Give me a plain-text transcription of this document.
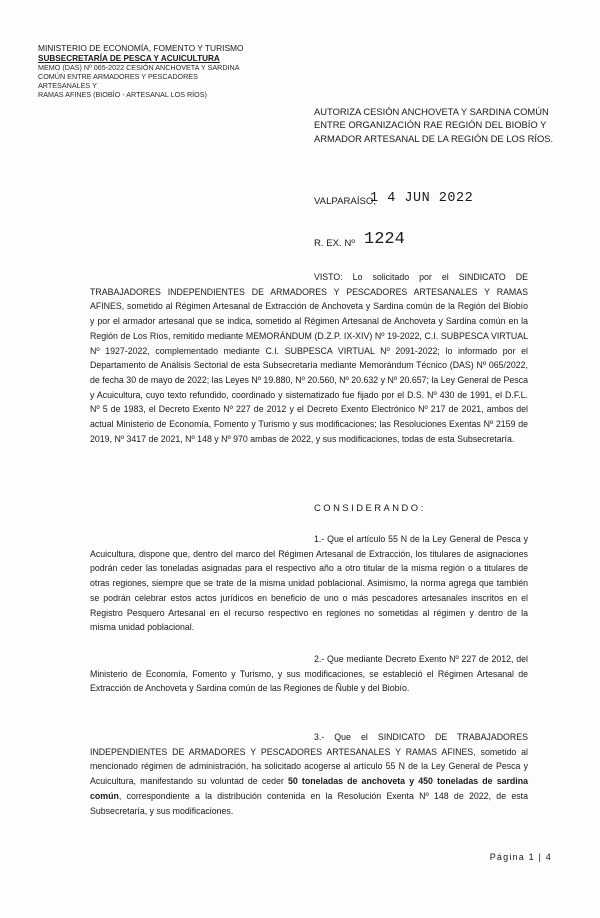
MINISTERIO DE ECONOMÍA, FOMENTO Y TURISMO
SUBSECRETARÍA DE PESCA Y ACUICULTURA
MEMO (DAS) Nº 065-2022 CESIÓN ANCHOVETA Y SARDINA
COMÚN ENTRE ARMADORES Y PESCADORES ARTESANALES Y
RAMAS AFINES (BIOBÍO - ARTESANAL LOS RÍOS)
AUTORIZA CESIÓN ANCHOVETA Y SARDINA COMÚN ENTRE ORGANIZACIÓN RAE REGIÓN DEL BIOBÍO Y ARMADOR ARTESANAL DE LA REGIÓN DE LOS RÍOS.
VALPARAÍSO,
1 4 JUN 2022
R. EX. Nº 1224
VISTO: Lo solicitado por el SINDICATO DE TRABAJADORES INDEPENDIENTES DE ARMADORES Y PESCADORES ARTESANALES Y RAMAS AFINES, sometido al Régimen Artesanal de Extracción de Anchoveta y Sardina común de la Región del Biobío y por el armador artesanal que se indica, sometido al Régimen Artesanal de Anchoveta y Sardina común en la Región de Los Ríos, remitido mediante MEMORÁNDUM (D.Z.P. IX-XIV) Nº 19-2022, C.I. SUBPESCA VIRTUAL Nº 1927-2022, complementado mediante C.I. SUBPESCA VIRTUAL Nº 2091-2022; lo informado por el Departamento de Análisis Sectorial de esta Subsecretaría mediante Memorándum Técnico (DAS) Nº 065/2022, de fecha 30 de mayo de 2022; las Leyes Nº 19.880, Nº 20.560, Nº 20.632 y Nº 20.657; la Ley General de Pesca y Acuicultura, cuyo texto refundido, coordinado y sistematizado fue fijado por el D.S. Nº 430 de 1991, el D.F.L. Nº 5 de 1983, el Decreto Exento Nº 227 de 2012 y el Decreto Exento Electrónico Nº 217 de 2021, ambos del actual Ministerio de Economía, Fomento y Turismo y sus modificaciones; las Resoluciones Exentas Nº 2159 de 2019, Nº 3417 de 2021, Nº 148 y Nº 970 ambas de 2022, y sus modificaciones, todas de esta Subsecretaría.
CONSIDERANDO:
1.- Que el artículo 55 N de la Ley General de Pesca y Acuicultura, dispone que, dentro del marco del Régimen Artesanal de Extracción, los titulares de asignaciones podrán ceder las toneladas asignadas para el respectivo año a otro titular de la misma región o a titulares de otras regiones, siempre que se trate de la misma unidad poblacional. Asimismo, la norma agrega que también se podrán celebrar estos actos jurídicos en beneficio de uno o más pescadores artesanales inscritos en el Registro Pesquero Artesanal en el recurso respectivo en regiones no sometidas al régimen y dentro de la misma unidad poblacional.
2.- Que mediante Decreto Exento Nº 227 de 2012, del Ministerio de Economía, Fomento y Turismo, y sus modificaciones, se estableció el Régimen Artesanal de Extracción de Anchoveta y Sardina común de las Regiones de Ñuble y del Biobío.
3.- Que el SINDICATO DE TRABAJADORES INDEPENDIENTES DE ARMADORES Y PESCADORES ARTESANALES Y RAMAS AFINES, sometido al mencionado régimen de administración, ha solicitado acogerse al artículo 55 N de la Ley General de Pesca y Acuicultura, manifestando su voluntad de ceder 50 toneladas de anchoveta y 450 toneladas de sardina común, correspondiente a la distribución contenida en la Resolución Exenta Nº 148 de 2022, de esta Subsecretaría, y sus modificaciones.
Página 1 | 4
